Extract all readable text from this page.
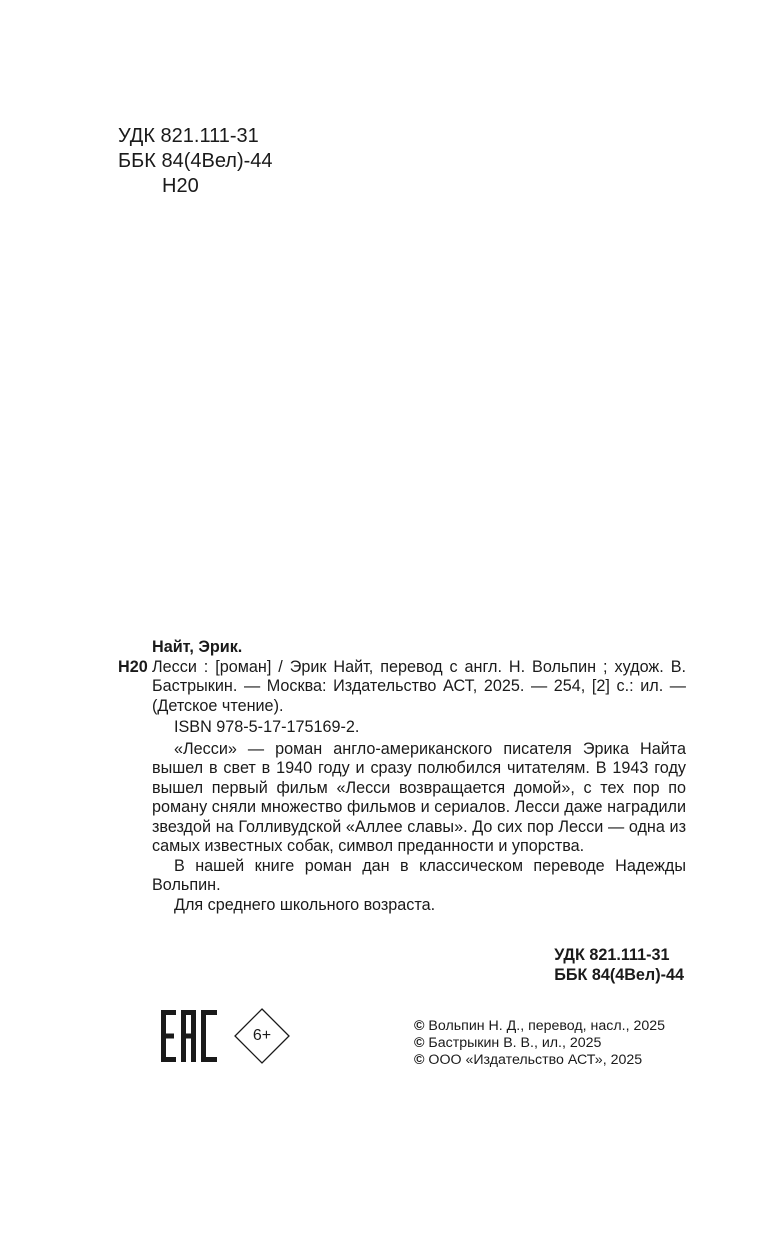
УДК 821.111-31
ББК 84(4Вел)-44
Н20
Найт, Эрик.
Н20 Лесси : [роман] / Эрик Найт, перевод с англ. Н. Вольпин ; худож. В. Бастрыкин. — Москва: Издательство АСТ, 2025. — 254, [2] с.: ил. — (Детское чтение).
ISBN 978-5-17-175169-2.
«Лесси» — роман англо-американского писателя Эрика Найта вышел в свет в 1940 году и сразу полюбился читателям. В 1943 году вышел первый фильм «Лесси возвращается домой», с тех пор по роману сняли множество фильмов и сериалов. Лесси даже наградили звездой на Голливудской «Аллее славы». До сих пор Лесси — одна из самых известных собак, символ преданности и упорства.
В нашей книге роман дан в классическом переводе Надежды Вольпин.
Для среднего школьного возраста.
УДК 821.111-31
ББК 84(4Вел)-44
6+
© Вольпин Н. Д., перевод, насл., 2025
© Бастрыкин В. В., ил., 2025
© ООО «Издательство АСТ», 2025
